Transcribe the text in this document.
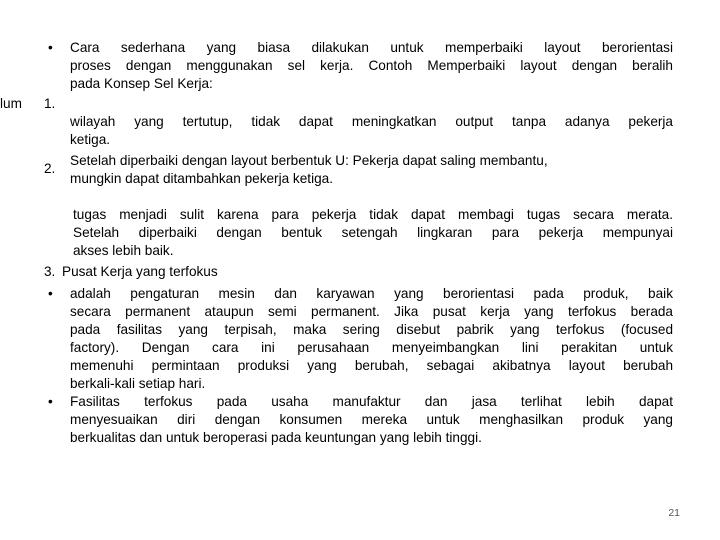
lum
•
1.
2.
3.
•
•
Cara sederhana yang biasa dilakukan untuk memperbaiki layout berorientasi
proses dengan menggunakan sel kerja. Contoh Memperbaiki layout dengan beralih
pada Konsep Sel Kerja:
wilayah yang tertutup, tidak dapat meningkatkan output tanpa adanya pekerja
ketiga.
Setelah diperbaiki dengan layout berbentuk U: Pekerja dapat saling membantu,
mungkin dapat ditambahkan pekerja ketiga.
tugas menjadi sulit karena para pekerja tidak dapat membagi tugas secara merata.
Setelah diperbaiki dengan bentuk setengah lingkaran para pekerja mempunyai
akses lebih baik.
Pusat Kerja yang terfokus
adalah pengaturan mesin dan karyawan yang berorientasi pada produk, baik
secara permanent ataupun semi permanent. Jika pusat kerja yang terfokus berada
pada fasilitas yang terpisah, maka sering disebut pabrik yang terfokus (focused
factory). Dengan cara ini perusahaan menyeimbangkan lini perakitan untuk
memenuhi permintaan produksi yang berubah, sebagai akibatnya layout berubah
berkali-kali setiap hari.
Fasilitas terfokus pada usaha manufaktur dan jasa terlihat lebih dapat
menyesuaikan diri dengan konsumen mereka untuk menghasilkan produk yang
berkualitas dan untuk beroperasi pada keuntungan yang lebih tinggi.
21
